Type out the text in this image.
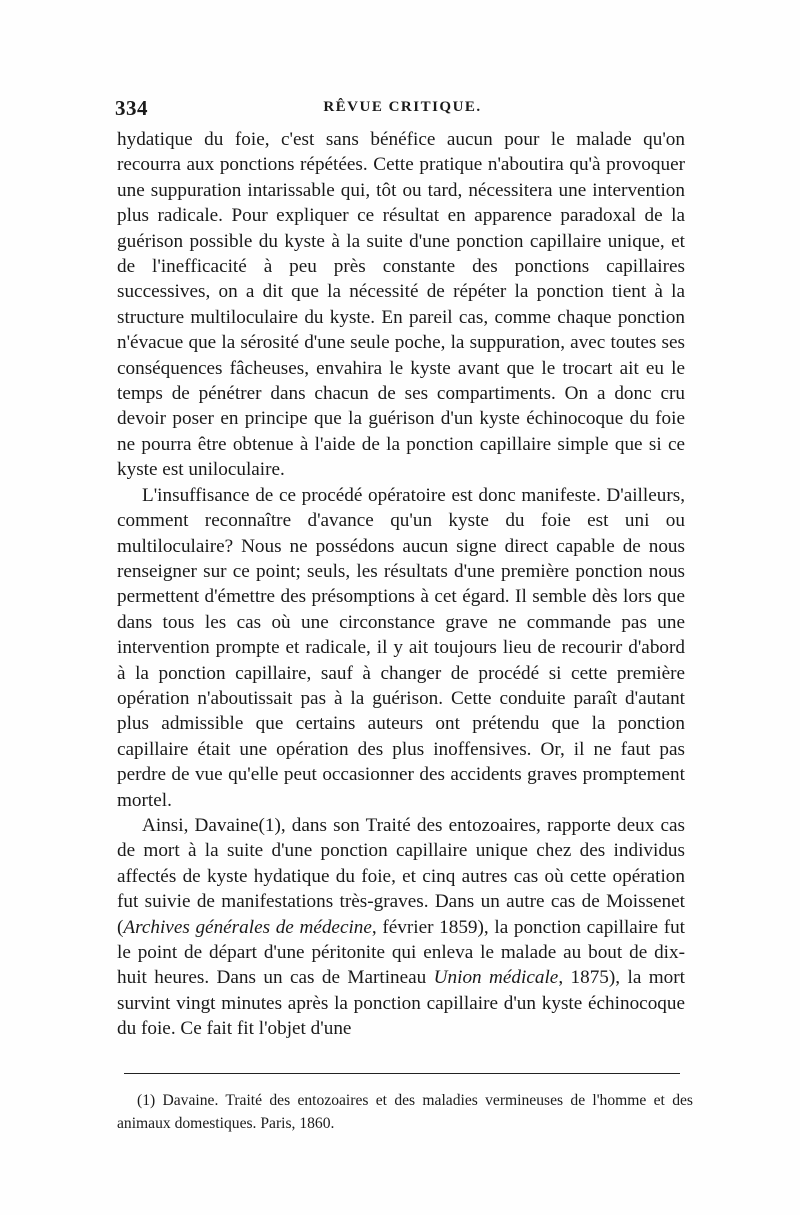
334	RÊVUE CRITIQUE.

hydatique du foie, c'est sans bénéfice aucun pour le malade qu'on recourra aux ponctions répétées. Cette pratique n'aboutira qu'à provoquer une suppuration intarissable qui, tôt ou tard, nécessitera une intervention plus radicale. Pour expliquer ce résultat en apparence paradoxal de la guérison possible du kyste à la suite d'une ponction capillaire unique, et de l'inefficacité à peu près constante des ponctions capillaires successives, on a dit que la nécessité de répéter la ponction tient à la structure multiloculaire du kyste. En pareil cas, comme chaque ponction n'évacue que la sérosité d'une seule poche, la suppuration, avec toutes ses conséquences fâcheuses, envahira le kyste avant que le trocart ait eu le temps de pénétrer dans chacun de ses compartiments. On a donc cru devoir poser en principe que la guérison d'un kyste échinocoque du foie ne pourra être obtenue à l'aide de la ponction capillaire simple que si ce kyste est uniloculaire.

L'insuffisance de ce procédé opératoire est donc manifeste. D'ailleurs, comment reconnaître d'avance qu'un kyste du foie est uni ou multiloculaire? Nous ne possédons aucun signe direct capable de nous renseigner sur ce point; seuls, les résultats d'une première ponction nous permettent d'émettre des présomptions à cet égard. Il semble dès lors que dans tous les cas où une circonstance grave ne commande pas une intervention prompte et radicale, il y ait toujours lieu de recourir d'abord à la ponction capillaire, sauf à changer de procédé si cette première opération n'aboutissait pas à la guérison. Cette conduite paraît d'autant plus admissible que certains auteurs ont prétendu que la ponction capillaire était une opération des plus inoffensives. Or, il ne faut pas perdre de vue qu'elle peut occasionner des accidents graves promptement mortel.

Ainsi, Davaine(1), dans son Traité des entozoaires, rapporte deux cas de mort à la suite d'une ponction capillaire unique chez des individus affectés de kyste hydatique du foie, et cinq autres cas où cette opération fut suivie de manifestations très-graves. Dans un autre cas de Moissenet (Archives générales de médecine, février 1859), la ponction capillaire fut le point de départ d'une péritonite qui enleva le malade au bout de dix-huit heures. Dans un cas de Martineau Union médicale, 1875), la mort survint vingt minutes après la ponction capillaire d'un kyste échinocoque du foie. Ce fait fit l'objet d'une

(1) Davaine. Traité des entozoaires et des maladies vermineuses de l'homme et des animaux domestiques. Paris, 1860.
